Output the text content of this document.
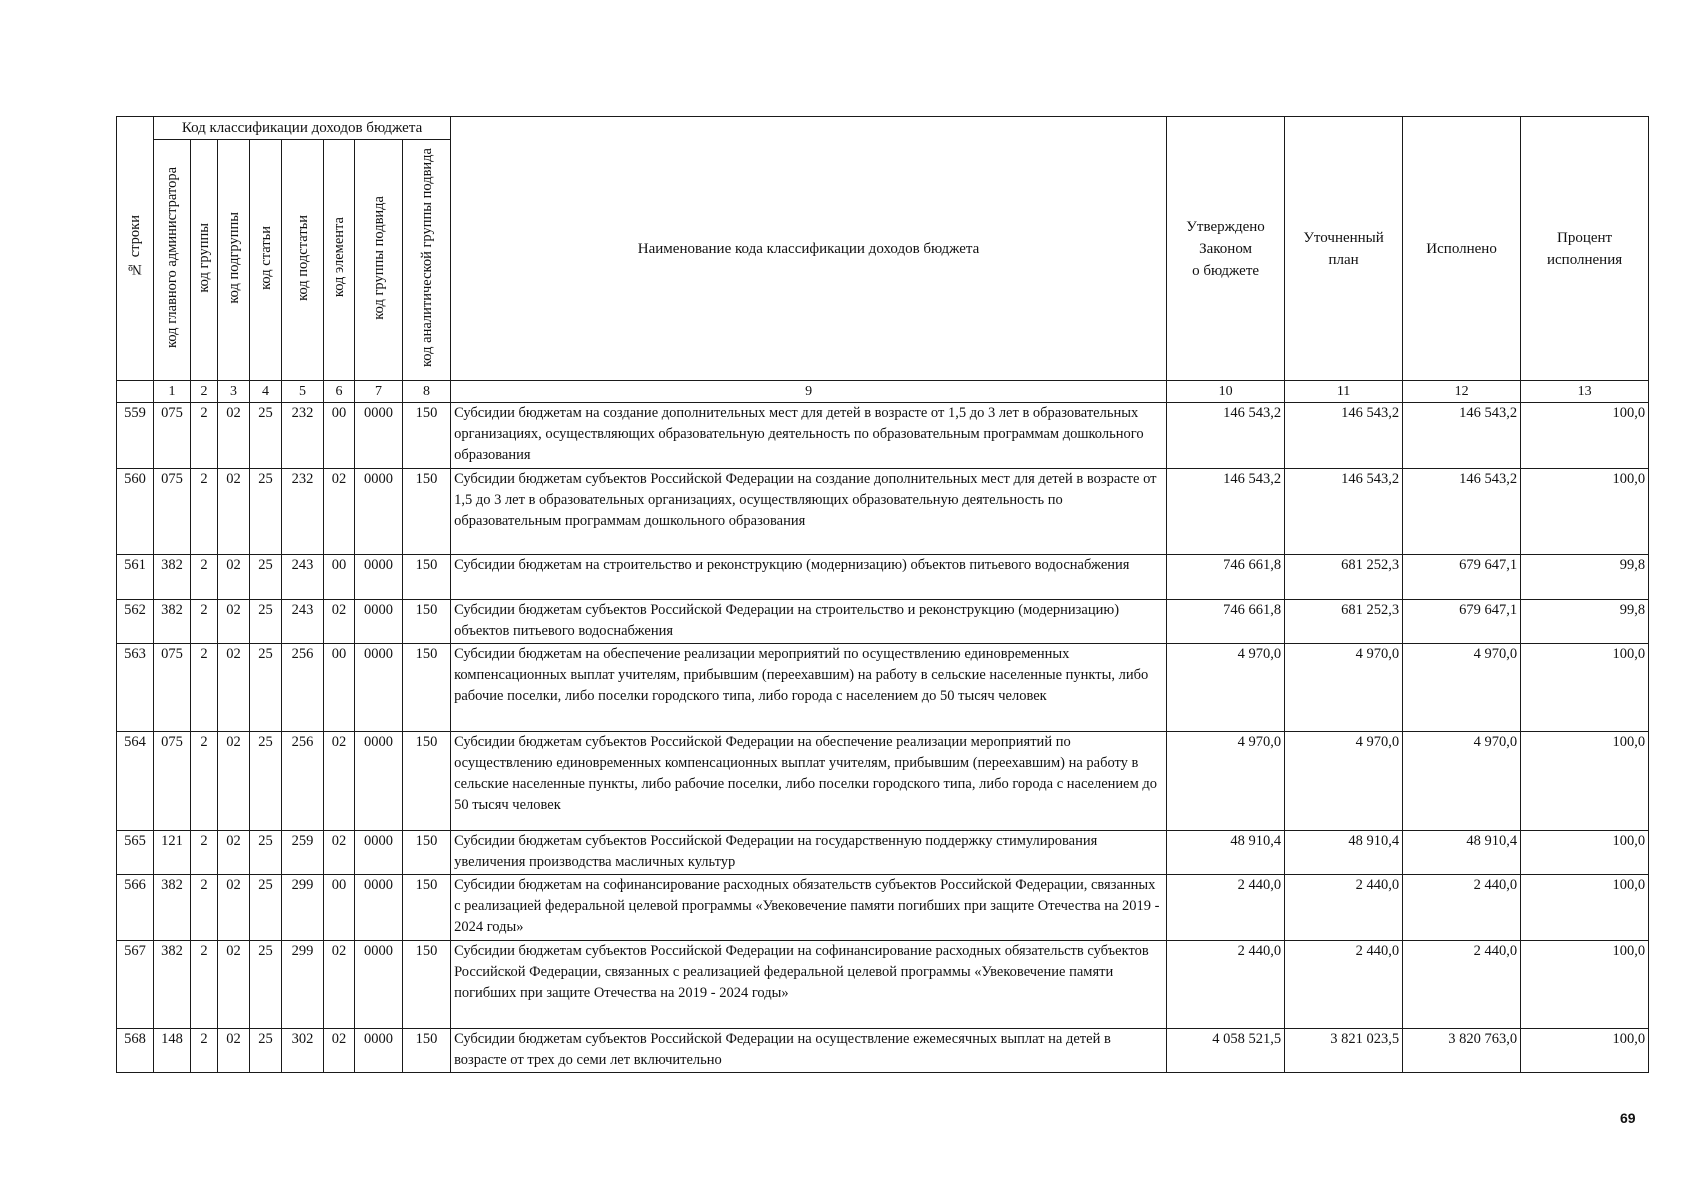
№ строки	Код классификации доходов бюджета								Наименование кода классификации доходов бюджета	Утверждено
Законом
о бюджете	Уточненный
план	Исполнено	Процент
исполнения
	код главного администратора	код группы	код подгруппы	код статьи	код подстатьи	код элемента	код группы подвида	код аналитической группы подвида					
	1	2	3	4	5	6	7	8	9	10	11	12	13
559	075	2	02	25	232	00	0000	150	Субсидии бюджетам на создание дополнительных мест для детей в возрасте от 1,5 до 3 лет в образовательных организациях, осуществляющих образовательную деятельность по образовательным программам дошкольного образования	146 543,2	146 543,2	146 543,2	100,0
560	075	2	02	25	232	02	0000	150	Субсидии бюджетам субъектов Российской Федерации на создание дополнительных мест для детей в возрасте от 1,5 до 3 лет в образовательных организациях, осуществляющих образовательную деятельность по образовательным программам дошкольного образования	146 543,2	146 543,2	146 543,2	100,0
561	382	2	02	25	243	00	0000	150	Субсидии бюджетам на строительство и реконструкцию (модернизацию) объектов питьевого водоснабжения	746 661,8	681 252,3	679 647,1	99,8
562	382	2	02	25	243	02	0000	150	Субсидии бюджетам субъектов Российской Федерации на строительство и реконструкцию (модернизацию) объектов питьевого водоснабжения	746 661,8	681 252,3	679 647,1	99,8
563	075	2	02	25	256	00	0000	150	Субсидии бюджетам на обеспечение реализации мероприятий по осуществлению единовременных компенсационных выплат учителям, прибывшим (переехавшим) на работу в сельские населенные пункты, либо рабочие поселки, либо поселки городского типа, либо города с населением до 50 тысяч человек	4 970,0	4 970,0	4 970,0	100,0
564	075	2	02	25	256	02	0000	150	Субсидии бюджетам субъектов Российской Федерации на обеспечение реализации мероприятий по осуществлению единовременных компенсационных выплат учителям, прибывшим (переехавшим) на работу в сельские населенные пункты, либо рабочие поселки, либо поселки городского типа, либо города с населением до 50 тысяч человек	4 970,0	4 970,0	4 970,0	100,0
565	121	2	02	25	259	02	0000	150	Субсидии бюджетам субъектов Российской Федерации на государственную поддержку стимулирования увеличения производства масличных культур	48 910,4	48 910,4	48 910,4	100,0
566	382	2	02	25	299	00	0000	150	Субсидии бюджетам на софинансирование расходных обязательств субъектов Российской Федерации, связанных с реализацией федеральной целевой программы «Увековечение памяти погибших при защите Отечества на 2019 - 2024 годы»	2 440,0	2 440,0	2 440,0	100,0
567	382	2	02	25	299	02	0000	150	Субсидии бюджетам субъектов Российской Федерации на софинансирование расходных обязательств субъектов Российской Федерации, связанных с реализацией федеральной целевой программы «Увековечение памяти погибших при защите Отечества на 2019 - 2024 годы»	2 440,0	2 440,0	2 440,0	100,0
568	148	2	02	25	302	02	0000	150	Субсидии бюджетам субъектов Российской Федерации на осуществление ежемесячных выплат на детей в возрасте от трех до семи лет включительно	4 058 521,5	3 821 023,5	3 820 763,0	100,0
69
